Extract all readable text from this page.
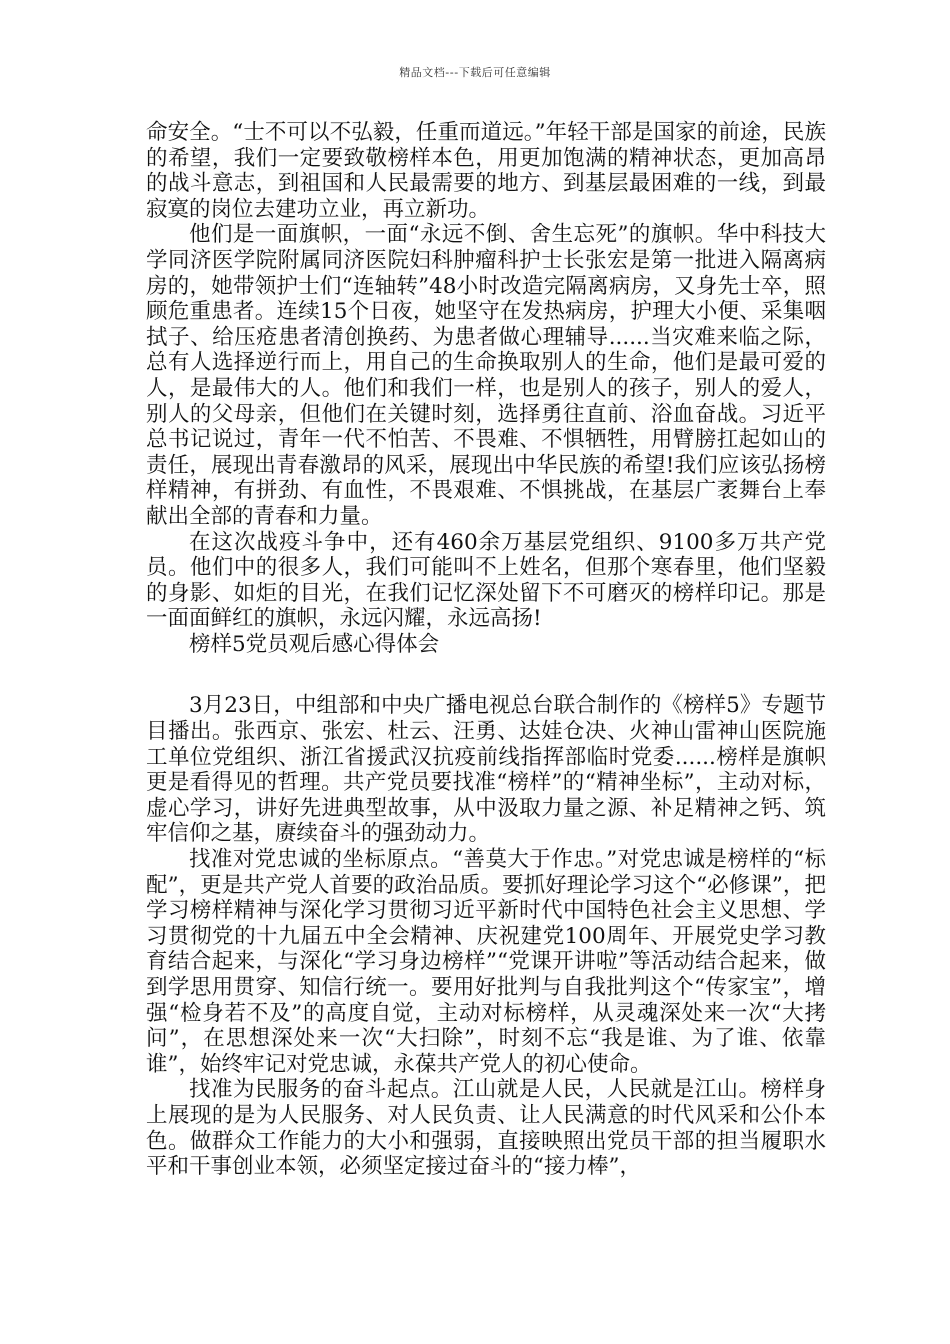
精品文档---下载后可任意编辑

命安全。“士不可以不弘毅，任重而道远。”年轻干部是国家的前途，民族的希望，我们一定要致敬榜样本色，用更加饱满的精神状态，更加高昂的战斗意志，到祖国和人民最需要的地方、到基层最困难的一线，到最寂寞的岗位去建功立业，再立新功。

他们是一面旗帜，一面“永远不倒、舍生忘死”的旗帜。华中科技大学同济医学院附属同济医院妇科肿瘤科护士长张宏是第一批进入隔离病房的，她带领护士们“连轴转”48小时改造完隔离病房，又身先士卒，照顾危重患者。连续15个日夜，她坚守在发热病房，护理大小便、采集咽拭子、给压疮患者清创换药、为患者做心理辅导......当灾难来临之际，总有人选择逆行而上，用自己的生命换取别人的生命，他们是最可爱的人，是最伟大的人。他们和我们一样，也是别人的孩子，别人的爱人，别人的父母亲，但他们在关键时刻，选择勇往直前、浴血奋战。习近平总书记说过，青年一代不怕苦、不畏难、不惧牺牲，用臂膀扛起如山的责任，展现出青春激昂的风采，展现出中华民族的希望!我们应该弘扬榜样精神，有拼劲、有血性，不畏艰难、不惧挑战，在基层广袤舞台上奉献出全部的青春和力量。

在这次战疫斗争中，还有460余万基层党组织、9100多万共产党员。他们中的很多人，我们可能叫不上姓名，但那个寒春里，他们坚毅的身影、如炬的目光，在我们记忆深处留下不可磨灭的榜样印记。那是一面面鲜红的旗帜，永远闪耀，永远高扬!

榜样5党员观后感心得体会

3月23日，中组部和中央广播电视总台联合制作的《榜样5》专题节目播出。张西京、张宏、杜云、汪勇、达娃仓决、火神山雷神山医院施工单位党组织、浙江省援武汉抗疫前线指挥部临时党委......榜样是旗帜更是看得见的哲理。共产党员要找准“榜样”的“精神坐标”，主动对标，虚心学习，讲好先进典型故事，从中汲取力量之源、补足精神之钙、筑牢信仰之基，赓续奋斗的强劲动力。

找准对党忠诚的坐标原点。“善莫大于作忠。”对党忠诚是榜样的“标配”，更是共产党人首要的政治品质。要抓好理论学习这个“必修课”，把学习榜样精神与深化学习贯彻习近平新时代中国特色社会主义思想、学习贯彻党的十九届五中全会精神、庆祝建党100周年、开展党史学习教育结合起来，与深化“学习身边榜样”“党课开讲啦”等活动结合起来，做到学思用贯穿、知信行统一。要用好批判与自我批判这个“传家宝”，增强“检身若不及”的高度自觉，主动对标榜样，从灵魂深处来一次“大拷问”，在思想深处来一次“大扫除”，时刻不忘“我是谁、为了谁、依靠谁”，始终牢记对党忠诚，永葆共产党人的初心使命。

找准为民服务的奋斗起点。江山就是人民，人民就是江山。榜样身上展现的是为人民服务、对人民负责、让人民满意的时代风采和公仆本色。做群众工作能力的大小和强弱，直接映照出党员干部的担当履职水平和干事创业本领，必须坚定接过奋斗的“接力棒”，
